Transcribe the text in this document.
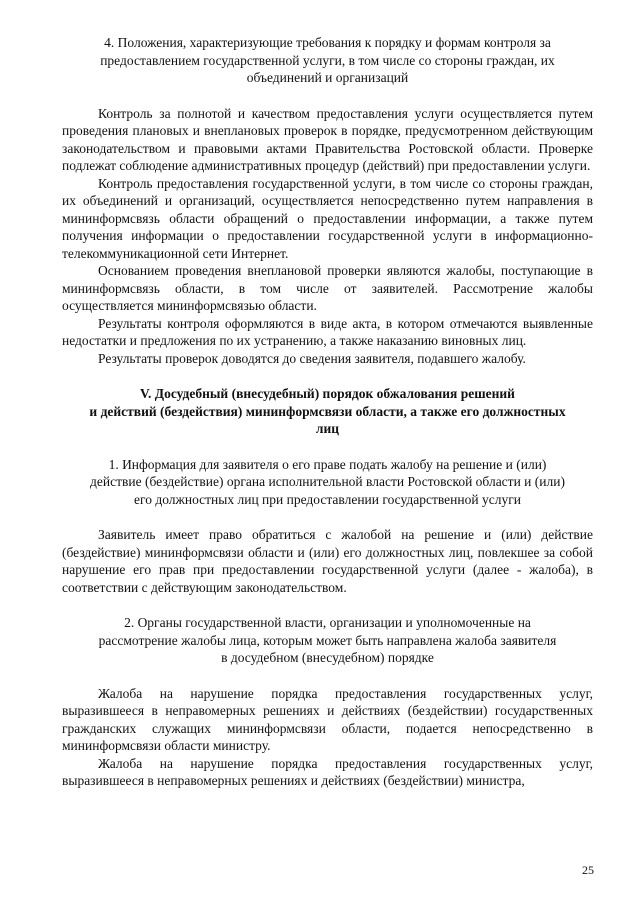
4. Положения, характеризующие требования к порядку и формам контроля за
предоставлением государственной услуги, в том числе со стороны граждан, их
объединений и организаций

Контроль за полнотой и качеством предоставления услуги осуществляется путем проведения плановых и внеплановых проверок в порядке, предусмотренном действующим законодательством и правовыми актами Правительства Ростовской области. Проверке подлежат соблюдение административных процедур (действий) при предоставлении услуги.

Контроль предоставления государственной услуги, в том числе со стороны граждан, их объединений и организаций, осуществляется непосредственно путем направления в мининформсвязь области обращений о предоставлении информации, а также путем получения информации о предоставлении государственной услуги в информационно-телекоммуникационной сети Интернет.

Основанием проведения внеплановой проверки являются жалобы, поступающие в мининформсвязь области, в том числе от заявителей. Рассмотрение жалобы осуществляется мининформсвязью области.

Результаты контроля оформляются в виде акта, в котором отмечаются выявленные недостатки и предложения по их устранению, а также наказанию виновных лиц.

Результаты проверок доводятся до сведения заявителя, подавшего жалобу.

V. Досудебный (внесудебный) порядок обжалования решений
и действий (бездействия) мининформсвязи области, а также его должностных
лиц
1. Информация для заявителя о его праве подать жалобу на решение и (или)
действие (бездействие) органа исполнительной власти Ростовской области и (или)
его должностных лиц при предоставлении государственной услуги

Заявитель имеет право обратиться с жалобой на решение и (или) действие (бездействие) мининформсвязи области и (или) его должностных лиц, повлекшее за собой нарушение его прав при предоставлении государственной услуги (далее - жалоба), в соответствии с действующим законодательством.

2. Органы государственной власти, организации и уполномоченные на
рассмотрение жалобы лица, которым может быть направлена жалоба заявителя
в досудебном (внесудебном) порядке

Жалоба на нарушение порядка предоставления государственных услуг, выразившееся в неправомерных решениях и действиях (бездействии) государственных гражданских служащих мининформсвязи области, подается непосредственно в мининформсвязи области министру.

Жалоба на нарушение порядка предоставления государственных услуг, выразившееся в неправомерных решениях и действиях (бездействии) министра,

25
